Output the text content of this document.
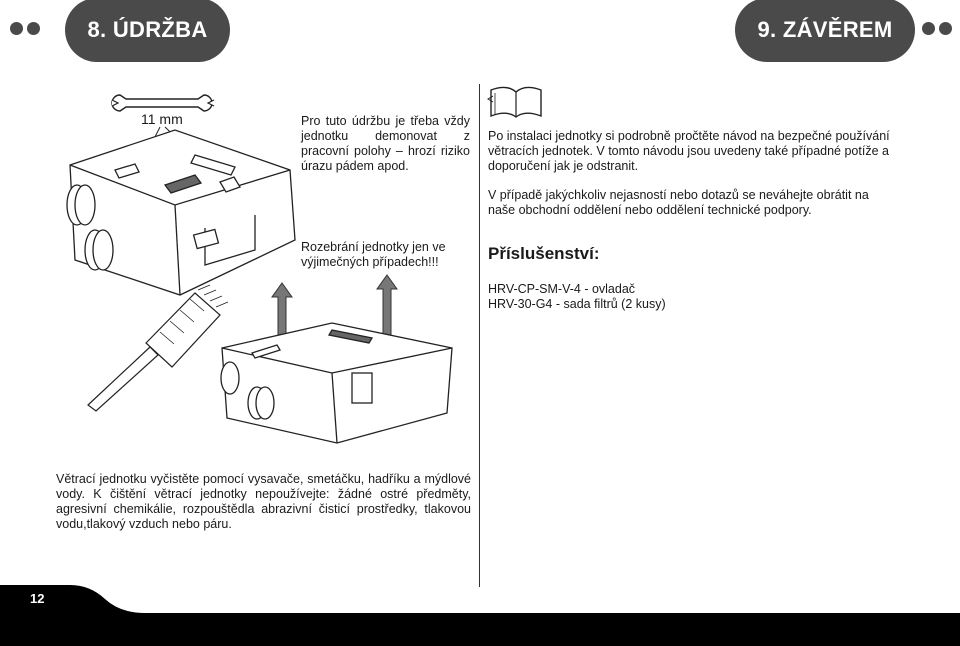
8. ÚDRŽBA	9. ZÁVĚREM
11 mm	Pro tuto údržbu je třeba vždy jednotku demonovat z pracovní polohy – hrozí riziko úrazu pádem apod.
Rozebrání jednotky jen ve výjimečných případech!!!
Větrací jednotku vyčistěte pomocí vysavače, smetáčku, hadříku a mýdlové vody. K čištění větrací jednotky nepoužívejte: žádné ostré předměty, agresivní chemikálie, rozpouštědla abrazivní čisticí prostředky, tlakovou vodu,tlakový vzduch nebo páru.
Po instalaci jednotky si podrobně pročtěte návod na bezpečné používání větracích jednotek. V tomto návodu jsou uvedeny také případné potíže a doporučení jak je odstranit.
V případě jakýchkoliv nejasností nebo dotazů se neváhejte obrátit na naše obchodní oddělení nebo oddělení technické podpory.
Příslušenství:
HRV-CP-SM-V-4 - ovladač
HRV-30-G4 - sada filtrů (2 kusy)
12
